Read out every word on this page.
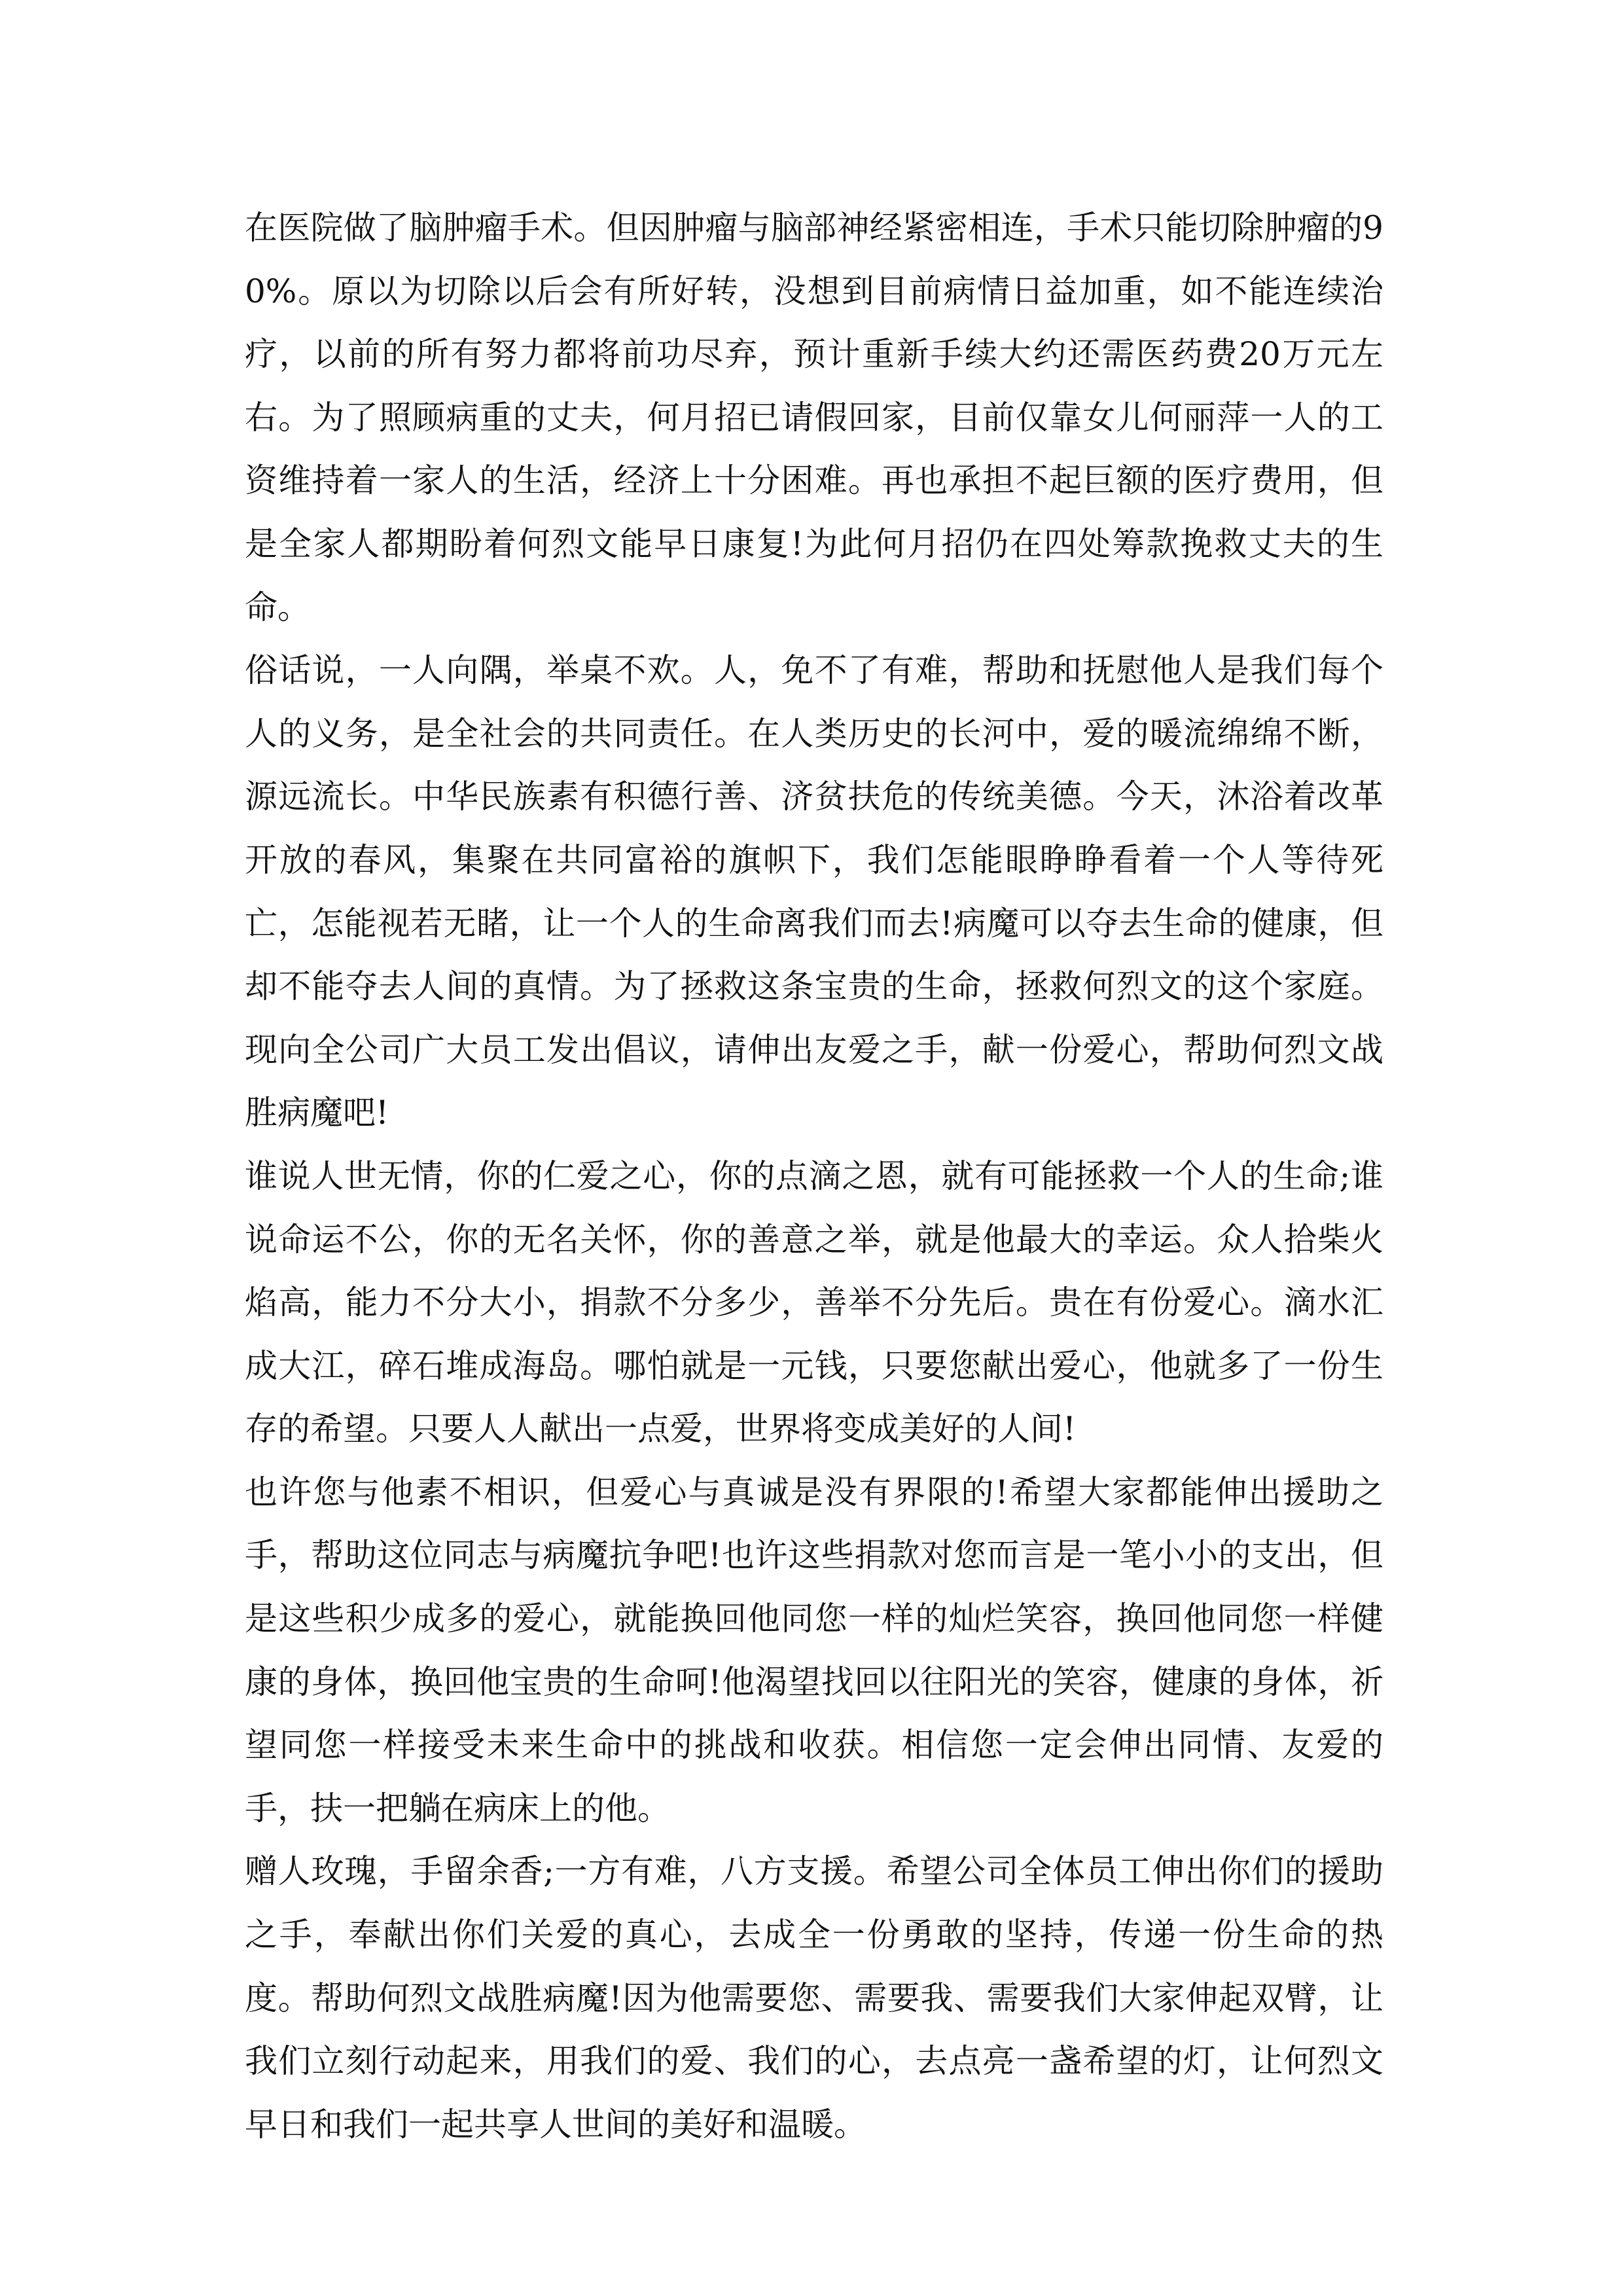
在医院做了脑肿瘤手术。但因肿瘤与脑部神经紧密相连，手术只能切除肿瘤的90%。原以为切除以后会有所好转，没想到目前病情日益加重，如不能连续治疗，以前的所有努力都将前功尽弃，预计重新手续大约还需医药费20万元左右。为了照顾病重的丈夫，何月招已请假回家，目前仅靠女儿何丽萍一人的工资维持着一家人的生活，经济上十分困难。再也承担不起巨额的医疗费用，但是全家人都期盼着何烈文能早日康复!为此何月招仍在四处筹款挽救丈夫的生命。

俗话说，一人向隅，举桌不欢。人，免不了有难，帮助和抚慰他人是我们每个人的义务，是全社会的共同责任。在人类历史的长河中，爱的暖流绵绵不断，源远流长。中华民族素有积德行善、济贫扶危的传统美德。今天，沐浴着改革开放的春风，集聚在共同富裕的旗帜下，我们怎能眼睁睁看着一个人等待死亡，怎能视若无睹，让一个人的生命离我们而去!病魔可以夺去生命的健康，但却不能夺去人间的真情。为了拯救这条宝贵的生命，拯救何烈文的这个家庭。现向全公司广大员工发出倡议，请伸出友爱之手，献一份爱心，帮助何烈文战胜病魔吧!

谁说人世无情，你的仁爱之心，你的点滴之恩，就有可能拯救一个人的生命;谁说命运不公，你的无名关怀，你的善意之举，就是他最大的幸运。众人拾柴火焰高，能力不分大小，捐款不分多少，善举不分先后。贵在有份爱心。滴水汇成大江，碎石堆成海岛。哪怕就是一元钱，只要您献出爱心，他就多了一份生存的希望。只要人人献出一点爱，世界将变成美好的人间!

也许您与他素不相识，但爱心与真诚是没有界限的!希望大家都能伸出援助之手，帮助这位同志与病魔抗争吧!也许这些捐款对您而言是一笔小小的支出，但是这些积少成多的爱心，就能换回他同您一样的灿烂笑容，换回他同您一样健康的身体，换回他宝贵的生命呵!他渴望找回以往阳光的笑容，健康的身体，祈望同您一样接受未来生命中的挑战和收获。相信您一定会伸出同情、友爱的手，扶一把躺在病床上的他。

赠人玫瑰，手留余香;一方有难，八方支援。希望公司全体员工伸出你们的援助之手，奉献出你们关爱的真心，去成全一份勇敢的坚持，传递一份生命的热度。帮助何烈文战胜病魔!因为他需要您、需要我、需要我们大家伸起双臂，让我们立刻行动起来，用我们的爱、我们的心，去点亮一盏希望的灯，让何烈文早日和我们一起共享人世间的美好和温暖。
